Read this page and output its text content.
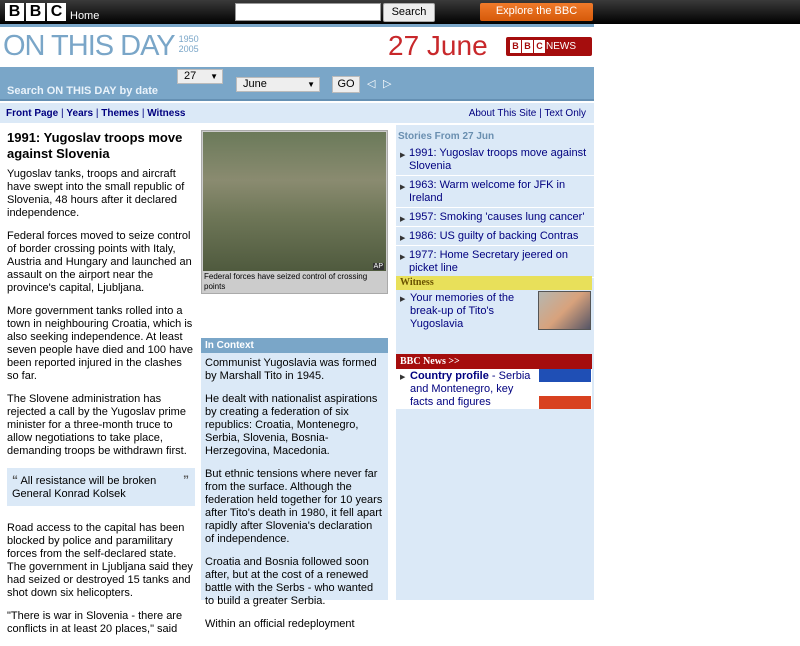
B B C Home	Search	Explore the BBC
ON THIS DAY 1950
2005	27 June	B B C NEWS
Search ON THIS DAY by date
27 ▼
June	▼	GO	◁ ▷
Front Page | Years | Themes | Witness	About This Site | Text Only
1991: Yugoslav troops move against Slovenia

Yugoslav tanks, troops and aircraft have swept into the small republic of Slovenia, 48 hours after it declared independence.

Federal forces moved to seize control of border crossing points with Italy, Austria and Hungary and launched an assault on the airport near the province's capital, Ljubljana.

More government tanks rolled into a town in neighbouring Croatia, which is also seeking independence. At least seven people have died and 100 have been reported injured in the clashes so far.

The Slovene administration has rejected a call by the Yugoslav prime minister for a three-month truce to allow negotiations to take place, demanding troops be withdrawn first.

“ All resistance will be broken ”
General Konrad Kolsek

Road access to the capital has been blocked by police and paramilitary forces from the self-declared state. The government in Ljubljana said they had seized or destroyed 15 tanks and shot down six helicopters.

"There is war in Slovenia - there are conflicts in at least 20 places," said

AP
Federal forces have seized control of crossing points
In Context

Communist Yugoslavia was formed by Marshall Tito in 1945.

He dealt with nationalist aspirations by creating a federation of six republics: Croatia, Montenegro, Serbia, Slovenia, Bosnia-Herzegovina, Macedonia.

But ethnic tensions where never far from the surface. Although the federation held together for 10 years after Tito's death in 1980, it fell apart rapidly after Slovenia's declaration of independence.

Croatia and Bosnia followed soon after, but at the cost of a renewed battle with the Serbs - who wanted to build a greater Serbia.

Within an official redeployment

Stories From 27 Jun
▶ 1991: Yugoslav troops move against Slovenia
▶ 1963: Warm welcome for JFK in Ireland
▶ 1957: Smoking 'causes lung cancer'
▶ 1986: US guilty of backing Contras
▶ 1977: Home Secretary jeered on picket line
Witness
▶ Your memories of the break-up of Tito's Yugoslavia
BBC News >>
▶ Country profile - Serbia and Montenegro, key facts and figures
